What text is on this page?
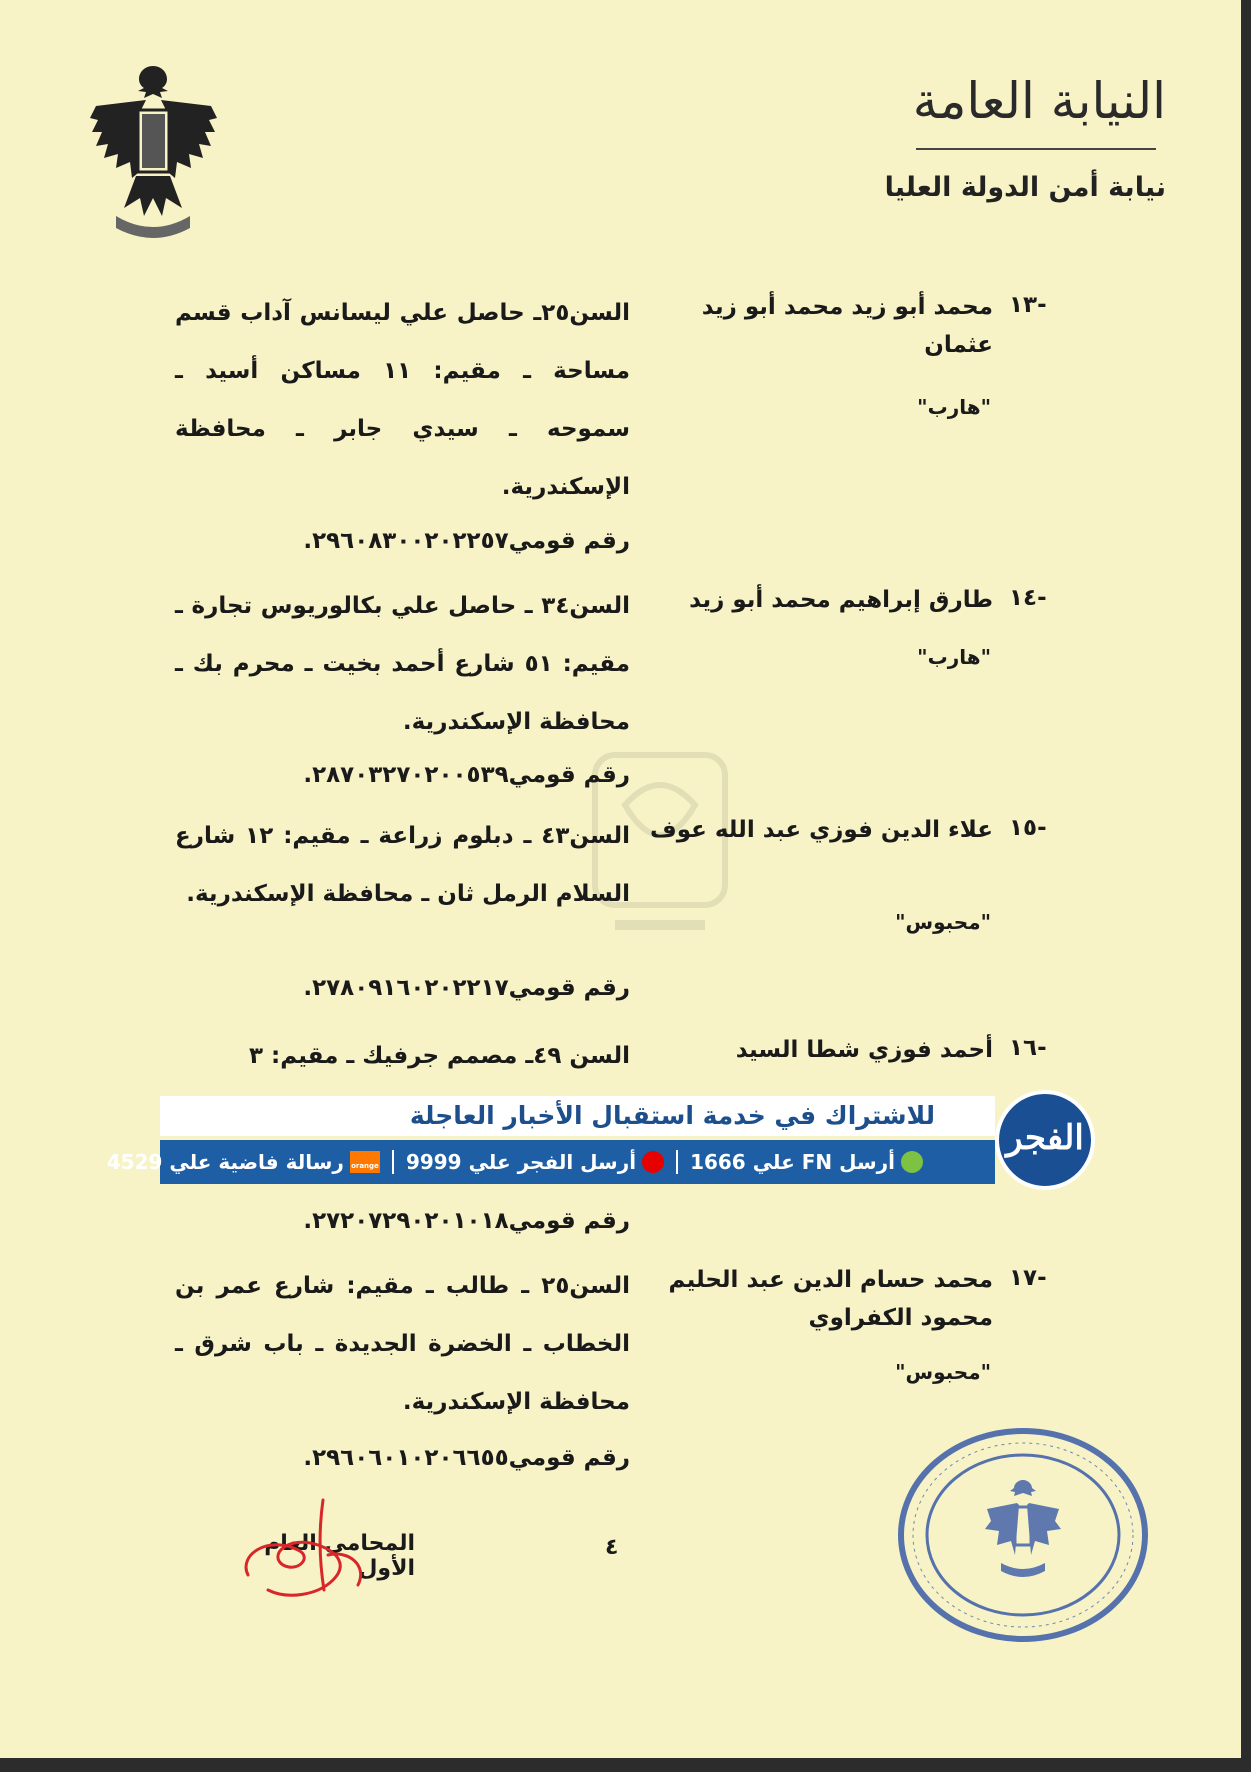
النيابة العامة
نيابة أمن الدولة العليا
١٣-
محمد أبو زيد محمد أبو زيد عثمان
"هارب"
السن٢٥ـ حاصل علي ليسانس آداب قسم مساحة ـ مقيم: ١١ مساكن أسيد ـ سموحه ـ سيدي جابر ـ محافظة الإسكندرية.
رقم قومي٢٩٦٠٨٣٠٠٢٠٢٢٥٧.
١٤-
طارق إبراهيم محمد أبو زيد
"هارب"
السن٣٤ ـ حاصل علي بكالوريوس تجارة ـ مقيم: ٥١ شارع أحمد بخيت ـ محرم بك ـ محافظة الإسكندرية.
رقم قومي٢٨٧٠٣٢٧٠٢٠٠٥٣٩.
١٥-
علاء الدين فوزي عبد الله عوف
"محبوس"
السن٤٣ ـ دبلوم زراعة ـ مقيم: ١٢ شارع السلام الرمل ثان ـ محافظة الإسكندرية.
رقم قومي٢٧٨٠٩١٦٠٢٠٢٢١٧.
١٦-
أحمد فوزي شطا السيد
السن ٤٩ـ مصمم جرفيك ـ مقيم: ٣
رقم قومي٢٧٢٠٧٢٩٠٢٠١٠١٨.
١٧-
محمد حسام الدين عبد الحليم محمود الكفراوي
"محبوس"
السن٢٥ ـ طالب ـ مقيم: شارع عمر بن الخطاب ـ الخضرة الجديدة ـ باب شرق ـ محافظة الإسكندرية.
رقم قومي٢٩٦٠٦٠١٠٢٠٦٦٥٥.
للاشتراك في خدمة استقبال الأخبار العاجلة
أرسل FN علي 1666
أرسل الفجر علي 9999
orange
رسالة فاضية علي 4529
الفجر
٤
المحامي العام الأول
